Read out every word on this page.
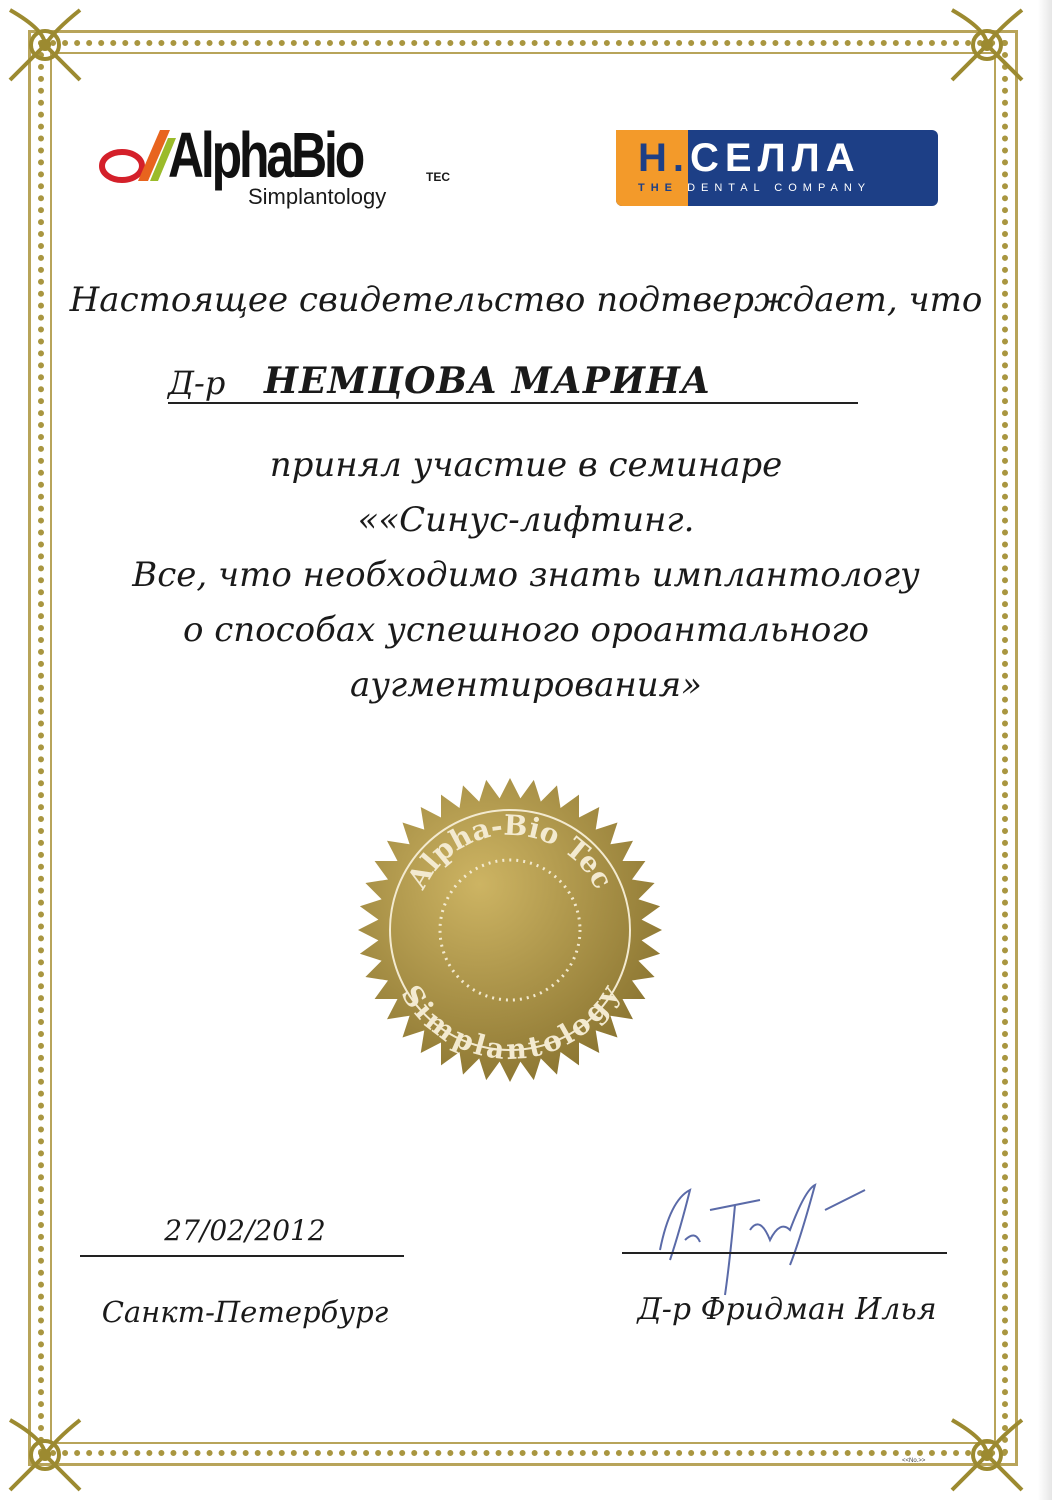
AlphaBio	TEC
Simplantology
H.СЕЛЛА
THE DENTAL COMPANY
Настоящее свидетельство подтверждает, что
Д-р НЕМЦОВА МАРИНА
принял участие в семинаре
««Синус-лифтинг.
Все, что необходимо знать имплантологу
о способах успешного ороантального
аугментирования»
Alpha-Bio Tec
Simplantology
27/02/2012
Санкт-Петербург	Д-р Фридман Илья
<<No.>>
